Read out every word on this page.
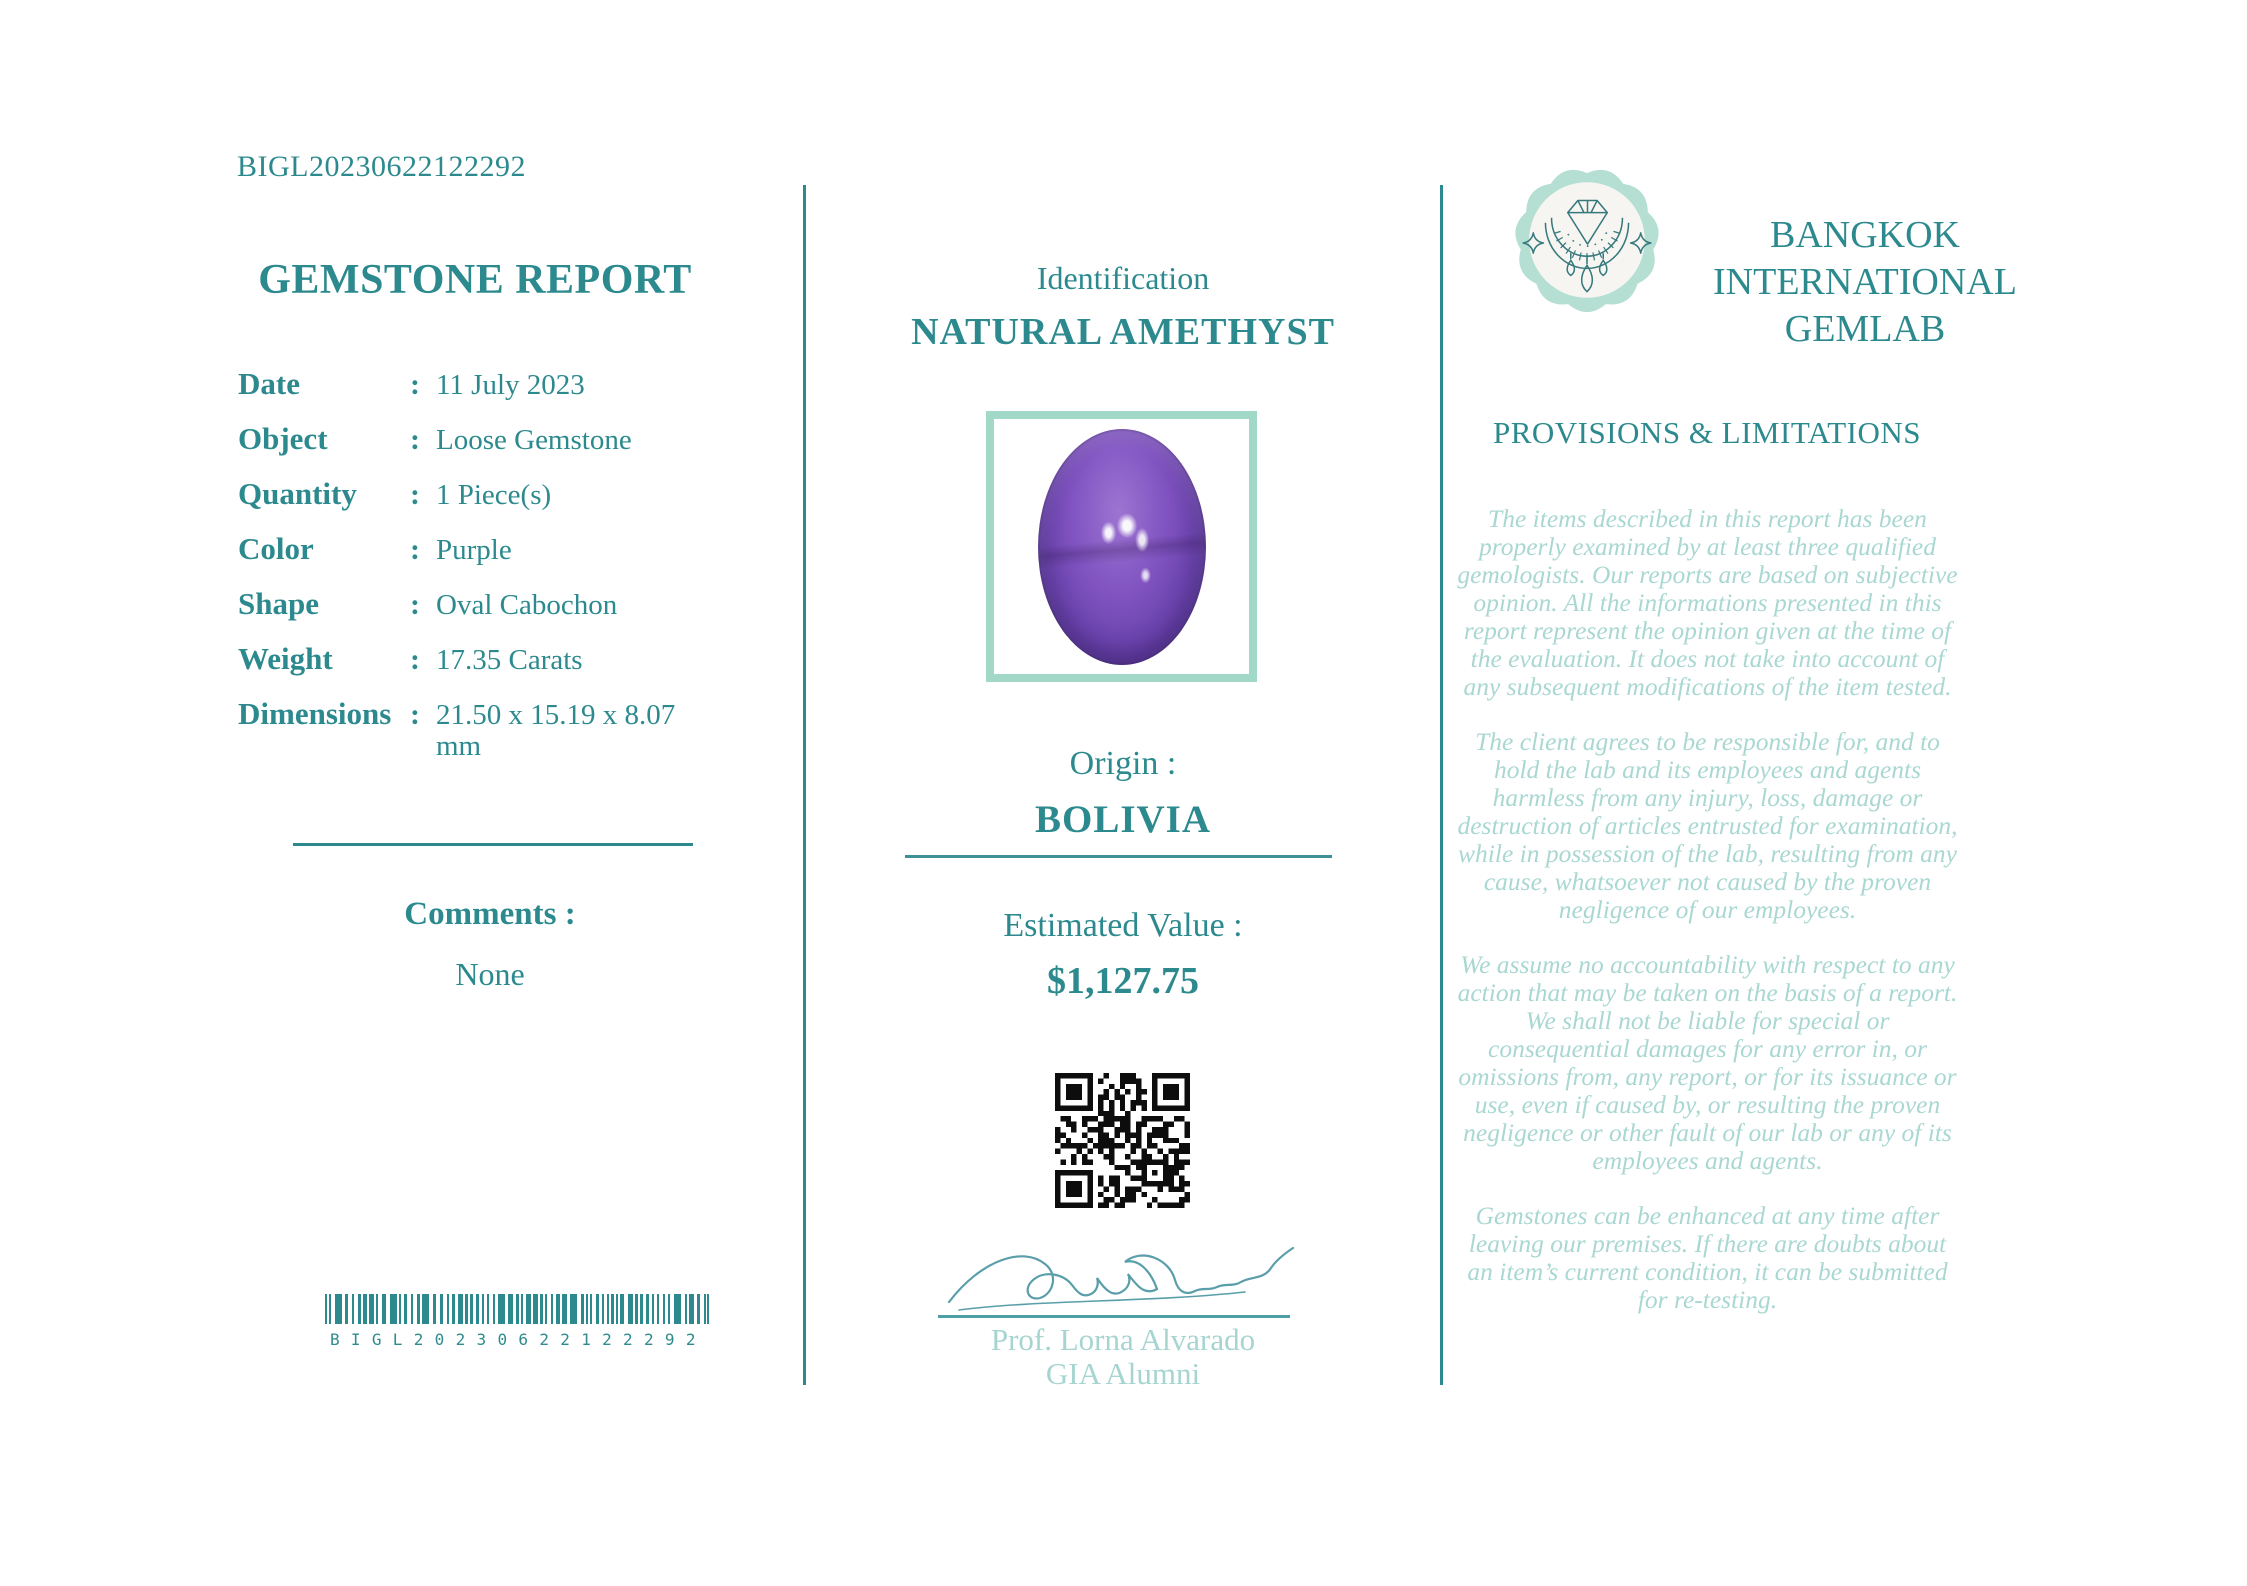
BIGL20230622122292
GEMSTONE REPORT
Date	: 11 July 2023
Object	: Loose Gemstone
Quantity	: 1 Piece(s)
Color	: Purple
Shape	: Oval Cabochon
Weight	: 17.35 Carats
Dimensions : 21.50 x 15.19 x 8.07 mm
Comments :
None
BIGL20230622122292
Identification
NATURAL AMETHYST
Origin :
BOLIVIA
Estimated Value :
$1,127.75
Prof. Lorna Alvarado
GIA Alumni
BANGKOK
INTERNATIONAL
GEMLAB
PROVISIONS & LIMITATIONS

The items described in this report has been properly examined by at least three qualified gemologists. Our reports are based on subjective opinion. All the informations presented in this report represent the opinion given at the time of the evaluation. It does not take into account of any subsequent modifications of the item tested.

The client agrees to be responsible for, and to hold the lab and its employees and agents harmless from any injury, loss, damage or destruction of articles entrusted for examination, while in possession of the lab, resulting from any cause, whatsoever not caused by the proven negligence of our employees.

We assume no accountability with respect to any action that may be taken on the basis of a report. We shall not be liable for special or consequential damages for any error in, or omissions from, any report, or for its issuance or use, even if caused by, or resulting the proven negligence or other fault of our lab or any of its employees and agents.

Gemstones can be enhanced at any time after leaving our premises. If there are doubts about an item’s current condition, it can be submitted for re-testing.
